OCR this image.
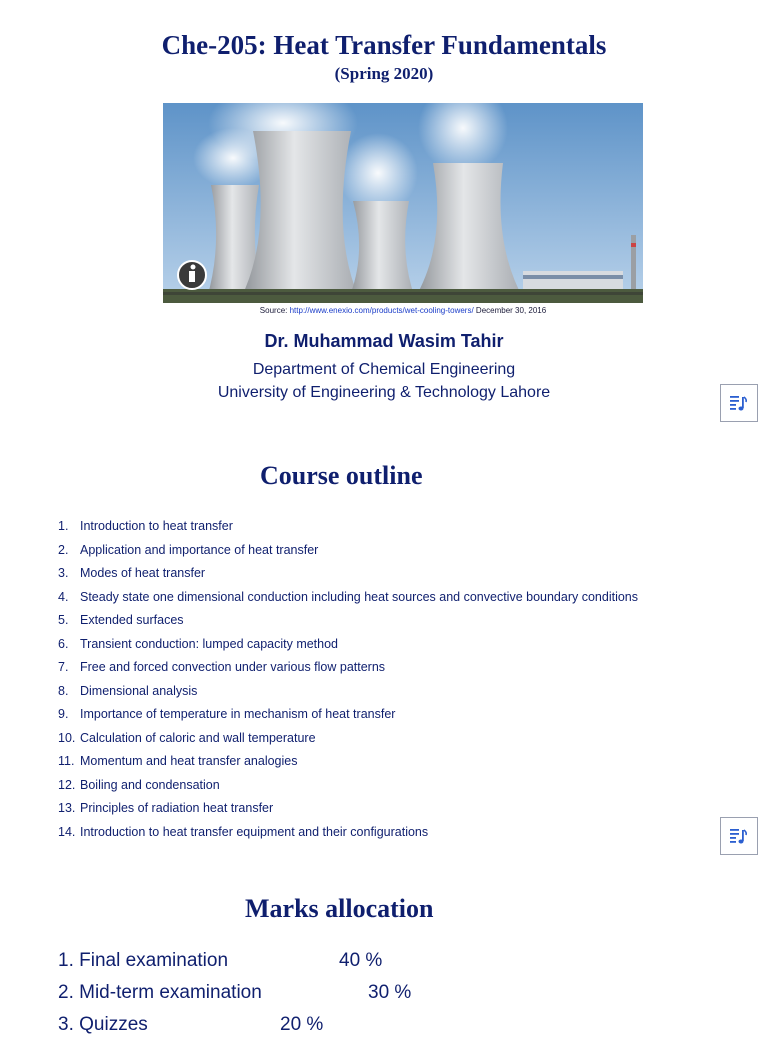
Che-205: Heat Transfer Fundamentals
(Spring 2020)
Source: http://www.enexio.com/products/wet-cooling-towers/ December 30, 2016
Dr. Muhammad Wasim Tahir
Department of Chemical Engineering
University of Engineering & Technology Lahore
Course outline
1. Introduction to heat transfer
2. Application and importance of heat transfer
3. Modes of heat transfer
4. Steady state one dimensional conduction including heat sources and convective boundary conditions
5. Extended surfaces
6. Transient conduction: lumped capacity method
7. Free and forced convection under various flow patterns
8. Dimensional analysis
9. Importance of temperature in mechanism of heat transfer
10. Calculation of caloric and wall temperature
11. Momentum and heat transfer analogies
12. Boiling and condensation
13. Principles of radiation heat transfer
14. Introduction to heat transfer equipment and their configurations
Marks allocation
1. Final examination	40 %
2. Mid-term examination	30 %
3. Quizzes	20 %
